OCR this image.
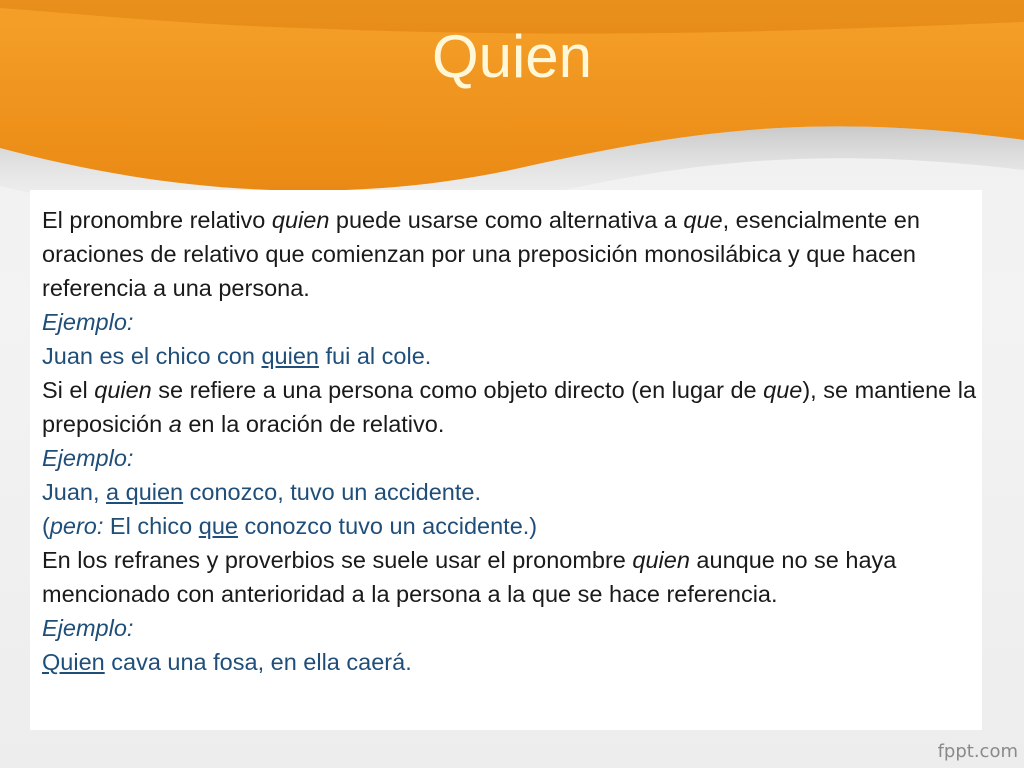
Quien

El pronombre relativo quien puede usarse como alternativa a que, esencialmente en oraciones de relativo que comienzan por una preposición monosilábica y que hacen referencia a una persona.

Ejemplo:

Juan es el chico con quien fui al cole.

Si el quien se refiere a una persona como objeto directo (en lugar de que), se mantiene la preposición a en la oración de relativo.

Ejemplo:

Juan, a quien conozco, tuvo un accidente.

(pero: El chico que conozco tuvo un accidente.)

En los refranes y proverbios se suele usar el pronombre quien aunque no se haya mencionado con anterioridad a la persona a la que se hace referencia.

Ejemplo:

Quien cava una fosa, en ella caerá.

fppt.com
